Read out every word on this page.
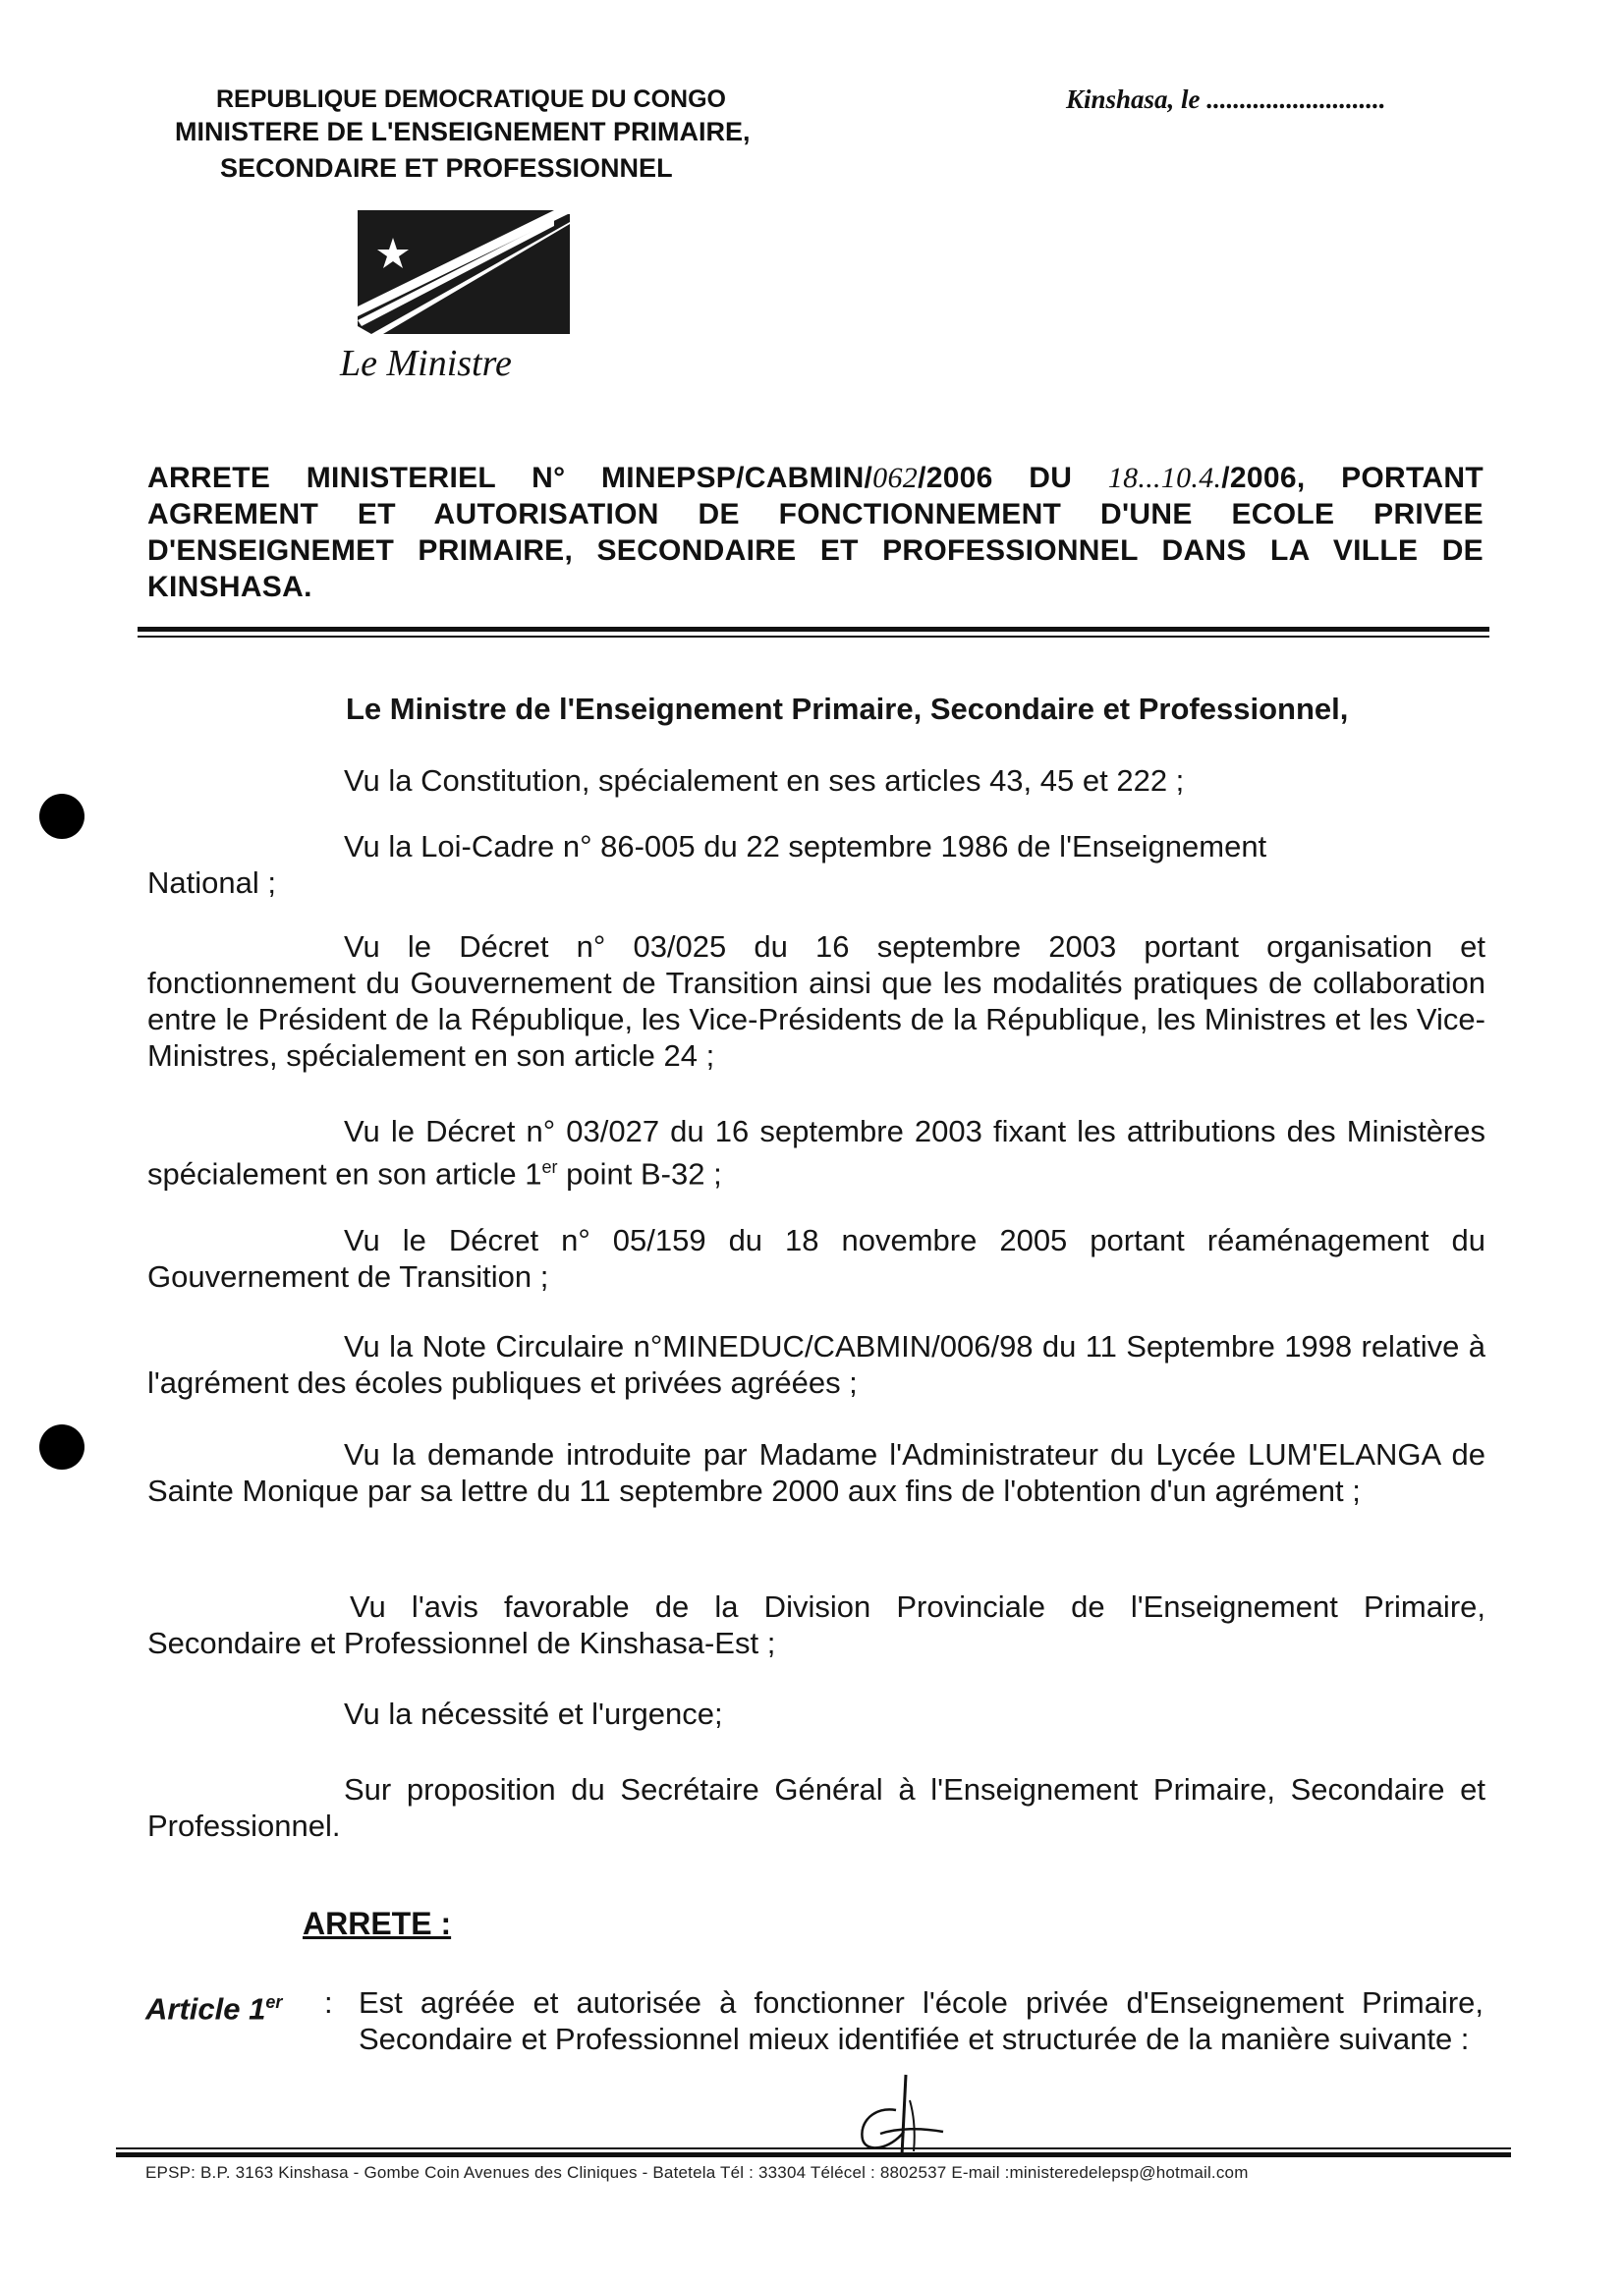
REPUBLIQUE DEMOCRATIQUE DU CONGO
MINISTERE DE L'ENSEIGNEMENT PRIMAIRE,
SECONDAIRE ET PROFESSIONNEL
Kinshasa, le ...........................
Le Ministre
ARRETE MINISTERIEL N° MINEPSP/CABMIN/062/2006 DU 18...10.4./2006, PORTANT AGREMENT ET AUTORISATION DE FONCTIONNEMENT D'UNE ECOLE PRIVEE D'ENSEIGNEMET PRIMAIRE, SECONDAIRE ET PROFESSIONNEL DANS LA VILLE DE KINSHASA.
Le Ministre de l'Enseignement Primaire, Secondaire et Professionnel,
Vu la Constitution, spécialement en ses articles 43, 45 et 222 ;
Vu la Loi-Cadre n° 86-005 du 22 septembre 1986 de l'Enseignement
National ;
Vu le Décret n° 03/025 du 16 septembre 2003 portant organisation et fonctionnement du Gouvernement de Transition ainsi que les modalités pratiques de collaboration entre le Président de la République, les Vice-Présidents de la République, les Ministres et les Vice-Ministres, spécialement en son article 24 ;
Vu le Décret n° 03/027 du 16 septembre 2003 fixant les attributions des Ministères spécialement en son article 1er point B-32 ;
Vu le Décret n° 05/159 du 18 novembre 2005 portant réaménagement du Gouvernement de Transition ;
Vu la Note Circulaire n°MINEDUC/CABMIN/006/98 du 11 Septembre 1998 relative à l'agrément des écoles publiques et privées agréées ;
Vu la demande introduite par Madame l'Administrateur du Lycée LUM'ELANGA de Sainte Monique par sa lettre du 11 septembre 2000 aux fins de l'obtention d'un agrément ;
Vu l'avis favorable de la Division Provinciale de l'Enseignement Primaire, Secondaire et Professionnel de Kinshasa-Est ;
Vu la nécessité et l'urgence;
Sur proposition du Secrétaire Général à l'Enseignement Primaire, Secondaire et Professionnel.
ARRETE :
Article 1er : Est agréée et autorisée à fonctionner l'école privée d'Enseignement Primaire, Secondaire et Professionnel mieux identifiée et structurée de la manière suivante :
EPSP: B.P. 3163 Kinshasa - Gombe Coin Avenues des Cliniques - Batetela Tél : 33304 Télécel : 8802537 E-mail :ministeredelepsp@hotmail.com
